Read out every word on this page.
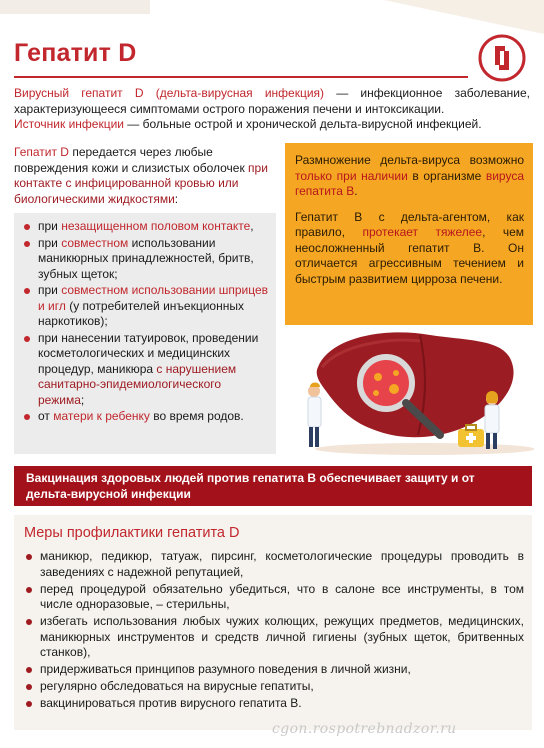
Гепатит D

Вирусный гепатит D (дельта-вирусная инфекция) — инфекционное заболевание, характеризующееся симптомами острого поражения печени и интоксикации.

Источник инфекции — больные острой и хронической дельта-вирусной инфекцией.

Гепатит D передается через любые повреждения кожи и слизистых оболочек при контакте с инфицированной кровью или биологическими жидкостями:

Размножение дельта-вируса возможно только при наличии в организме вируса гепатита В.

Гепатит В с дельта-агентом, как правило, протекает тяжелее, чем неосложненный гепатит В. Он отличается агрессивным течением и быстрым развитием цирроза печени.

при незащищенном половом контакте,
при совместном использовании маникюрных принадлежностей, бритв, зубных щеток;
при совместном использовании шприцев и игл (у потребителей инъекционных наркотиков);
при нанесении татуировок, проведении косметологических и медицинских процедур, маникюра с нарушением санитарно-эпидемиологического режима;
от матери к ребенку во время родов.
Вакцинация здоровых людей против гепатита В обеспечивает защиту и от дельта-вирусной инфекции
Меры профилактики гепатита D
маникюр, педикюр, татуаж, пирсинг, косметологические процедуры проводить в заведениях с надежной репутацией,
перед процедурой обязательно убедиться, что в салоне все инструменты, в том числе одноразовые, – стерильны,
избегать использования любых чужих колющих, режущих предметов, медицинских, маникюрных инструментов и средств личной гигиены (зубных щеток, бритвенных станков),
придерживаться принципов разумного поведения в личной жизни,
регулярно обследоваться на вирусные гепатиты,
вакцинироваться против вирусного гепатита В.
cgon.rospotrebnadzor.ru
